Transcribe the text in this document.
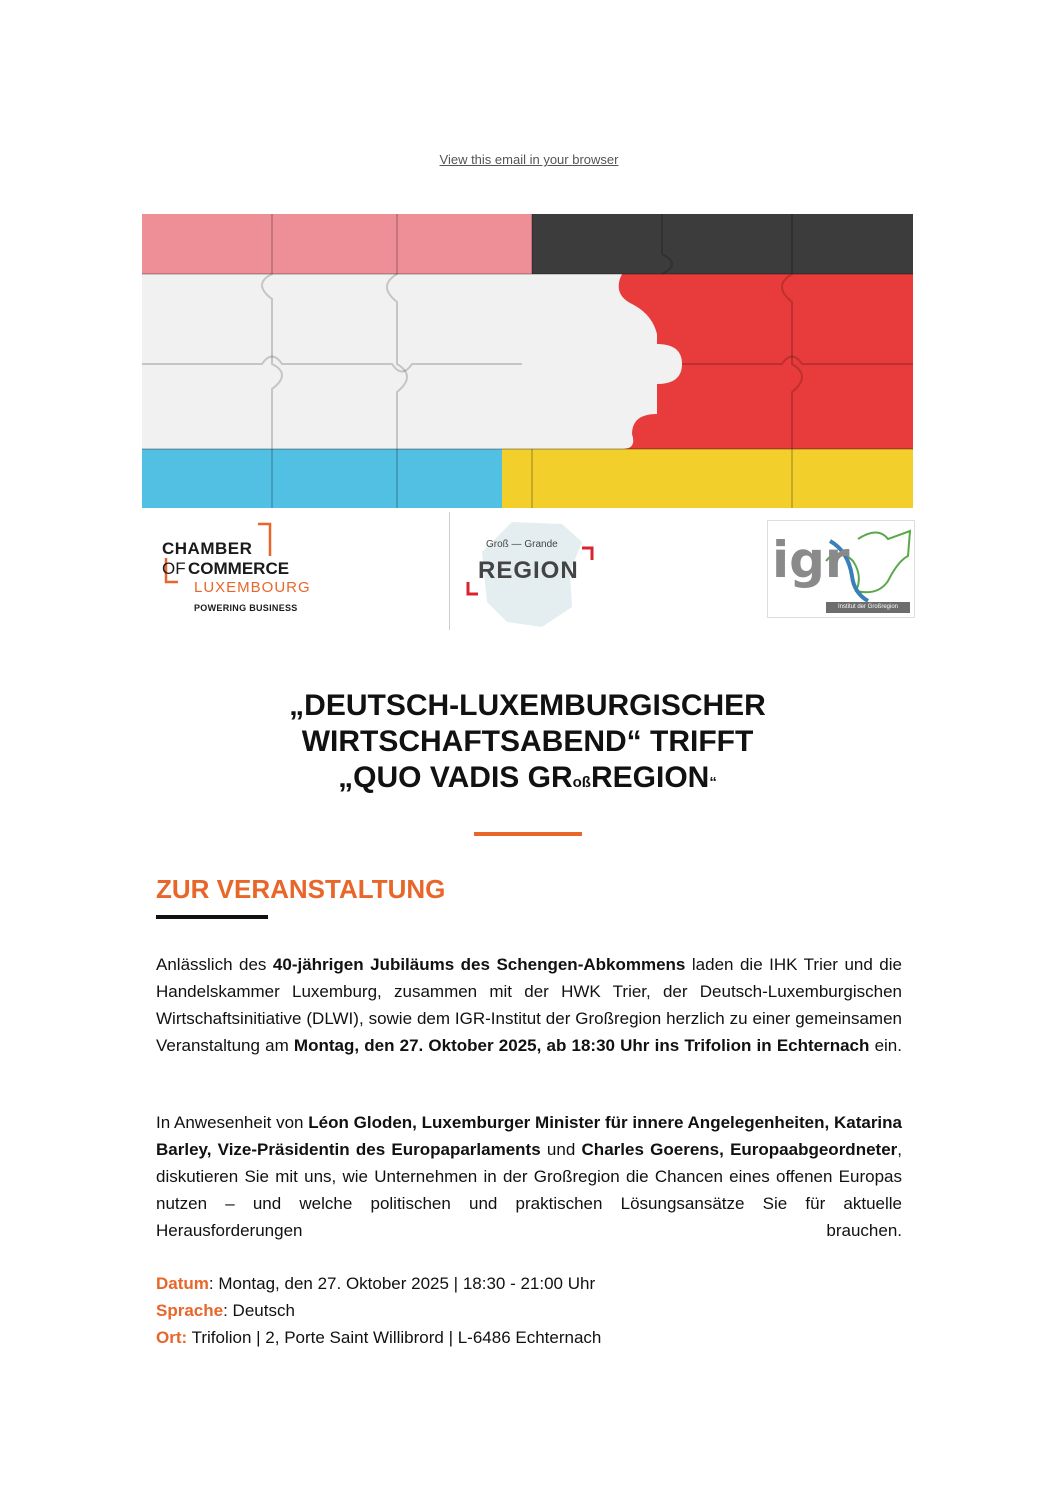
View this email in your browser
CHAMBER
OF COMMERCE
LUXEMBOURG
POWERING BUSINESS
Groß — Grande
REGION	igr
Institut der Großregion
„DEUTSCH-LUXEMBURGISCHER
WIRTSCHAFTSABEND“ TRIFFT
„QUO VADIS GRoßREGION“
ZUR VERANSTALTUNG
Anlässlich des 40-jährigen Jubiläums des Schengen-Abkommens laden die IHK Trier und die Handelskammer Luxemburg, zusammen mit der HWK Trier, der Deutsch-Luxemburgischen Wirtschaftsinitiative (DLWI), sowie dem IGR-Institut der Großregion herzlich zu einer gemeinsamen Veranstaltung am Montag, den 27. Oktober 2025, ab 18:30 Uhr ins Trifolion in Echternach ein.
In Anwesenheit von Léon Gloden, Luxemburger Minister für innere Angelegenheiten, Katarina Barley, Vize-Präsidentin des Europaparlaments und Charles Goerens, Europaabgeordneter, diskutieren Sie mit uns, wie Unternehmen in der Großregion die Chancen eines offenen Europas nutzen – und welche politischen und praktischen Lösungsansätze Sie für aktuelle Herausforderungen brauchen.
Datum: Montag, den 27. Oktober 2025 | 18:30 - 21:00 Uhr
Sprache: Deutsch
Ort: Trifolion | 2, Porte Saint Willibrord | L-6486 Echternach
